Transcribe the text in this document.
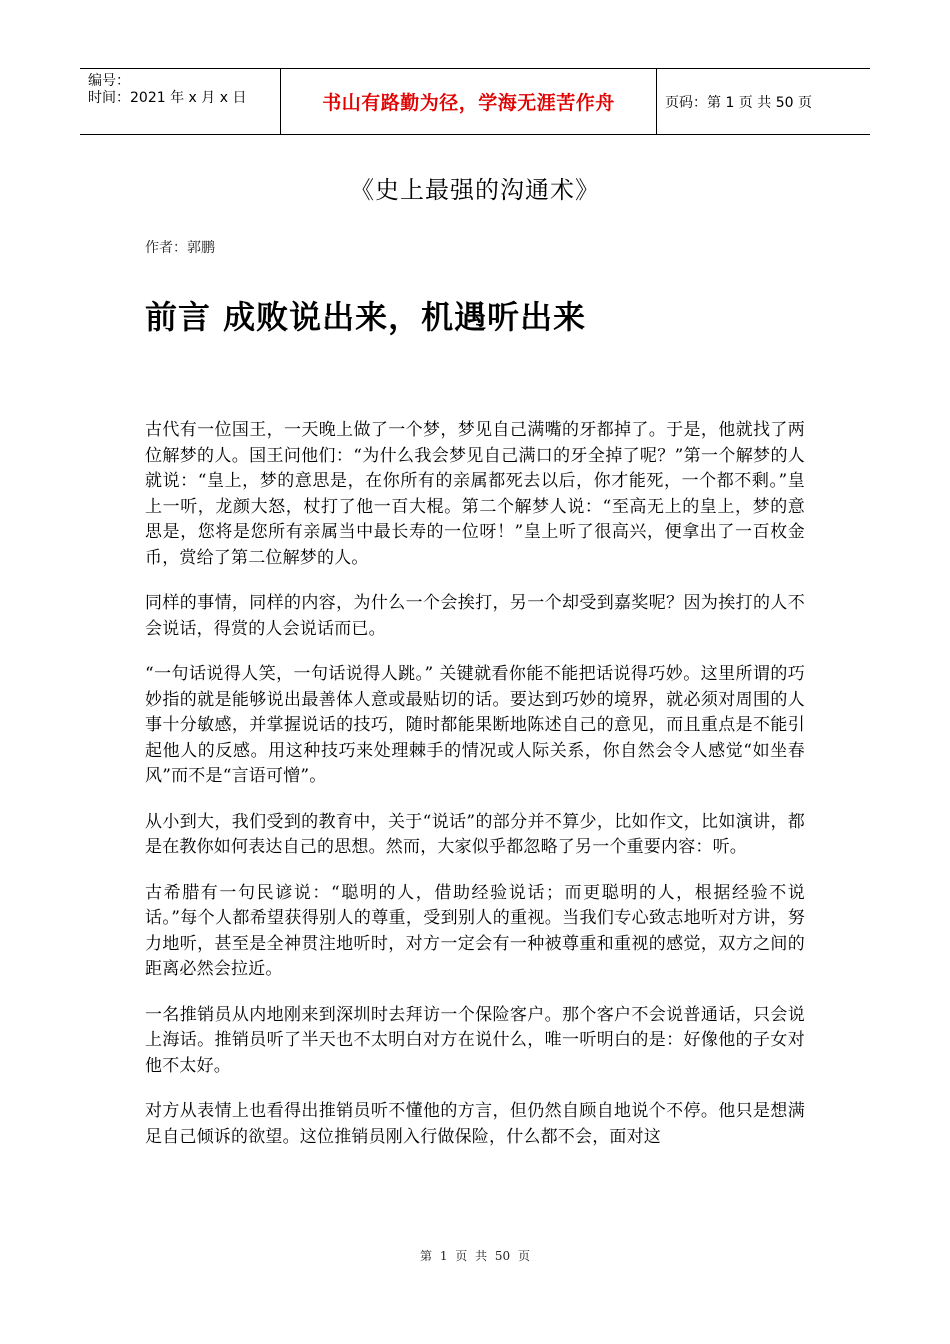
编号：
时间：2021 年 x 月 x 日	书山有路勤为径，学海无涯苦作舟	页码：第 1 页 共 50 页
《史上最强的沟通术》
作者：郭鹏
前言 成败说出来，机遇听出来

古代有一位国王，一天晚上做了一个梦，梦见自己满嘴的牙都掉了。于是，他就找了两位解梦的人。国王问他们：“为什么我会梦见自己满口的牙全掉了呢？”第一个解梦的人就说：“皇上，梦的意思是，在你所有的亲属都死去以后，你才能死，一个都不剩。”皇上一听，龙颜大怒，杖打了他一百大棍。第二个解梦人说：“至高无上的皇上，梦的意思是，您将是您所有亲属当中最长寿的一位呀！”皇上听了很高兴，便拿出了一百枚金币，赏给了第二位解梦的人。

同样的事情，同样的内容，为什么一个会挨打，另一个却受到嘉奖呢？因为挨打的人不会说话，得赏的人会说话而已。

“一句话说得人笑，一句话说得人跳。” 关键就看你能不能把话说得巧妙。这里所谓的巧妙指的就是能够说出最善体人意或最贴切的话。要达到巧妙的境界，就必须对周围的人事十分敏感，并掌握说话的技巧，随时都能果断地陈述自己的意见，而且重点是不能引起他人的反感。用这种技巧来处理棘手的情况或人际关系，你自然会令人感觉“如坐春风”而不是“言语可憎”。

从小到大，我们受到的教育中，关于“说话”的部分并不算少，比如作文，比如演讲，都是在教你如何表达自己的思想。然而，大家似乎都忽略了另一个重要内容：听。

古希腊有一句民谚说：“聪明的人，借助经验说话；而更聪明的人，根据经验不说话。”每个人都希望获得别人的尊重，受到别人的重视。当我们专心致志地听对方讲，努力地听，甚至是全神贯注地听时，对方一定会有一种被尊重和重视的感觉，双方之间的距离必然会拉近。

一名推销员从内地刚来到深圳时去拜访一个保险客户。那个客户不会说普通话，只会说上海话。推销员听了半天也不太明白对方在说什么，唯一听明白的是：好像他的子女对他不太好。

对方从表情上也看得出推销员听不懂他的方言，但仍然自顾自地说个不停。他只是想满足自己倾诉的欲望。这位推销员刚入行做保险，什么都不会，面对这

第 1 页 共 50 页
